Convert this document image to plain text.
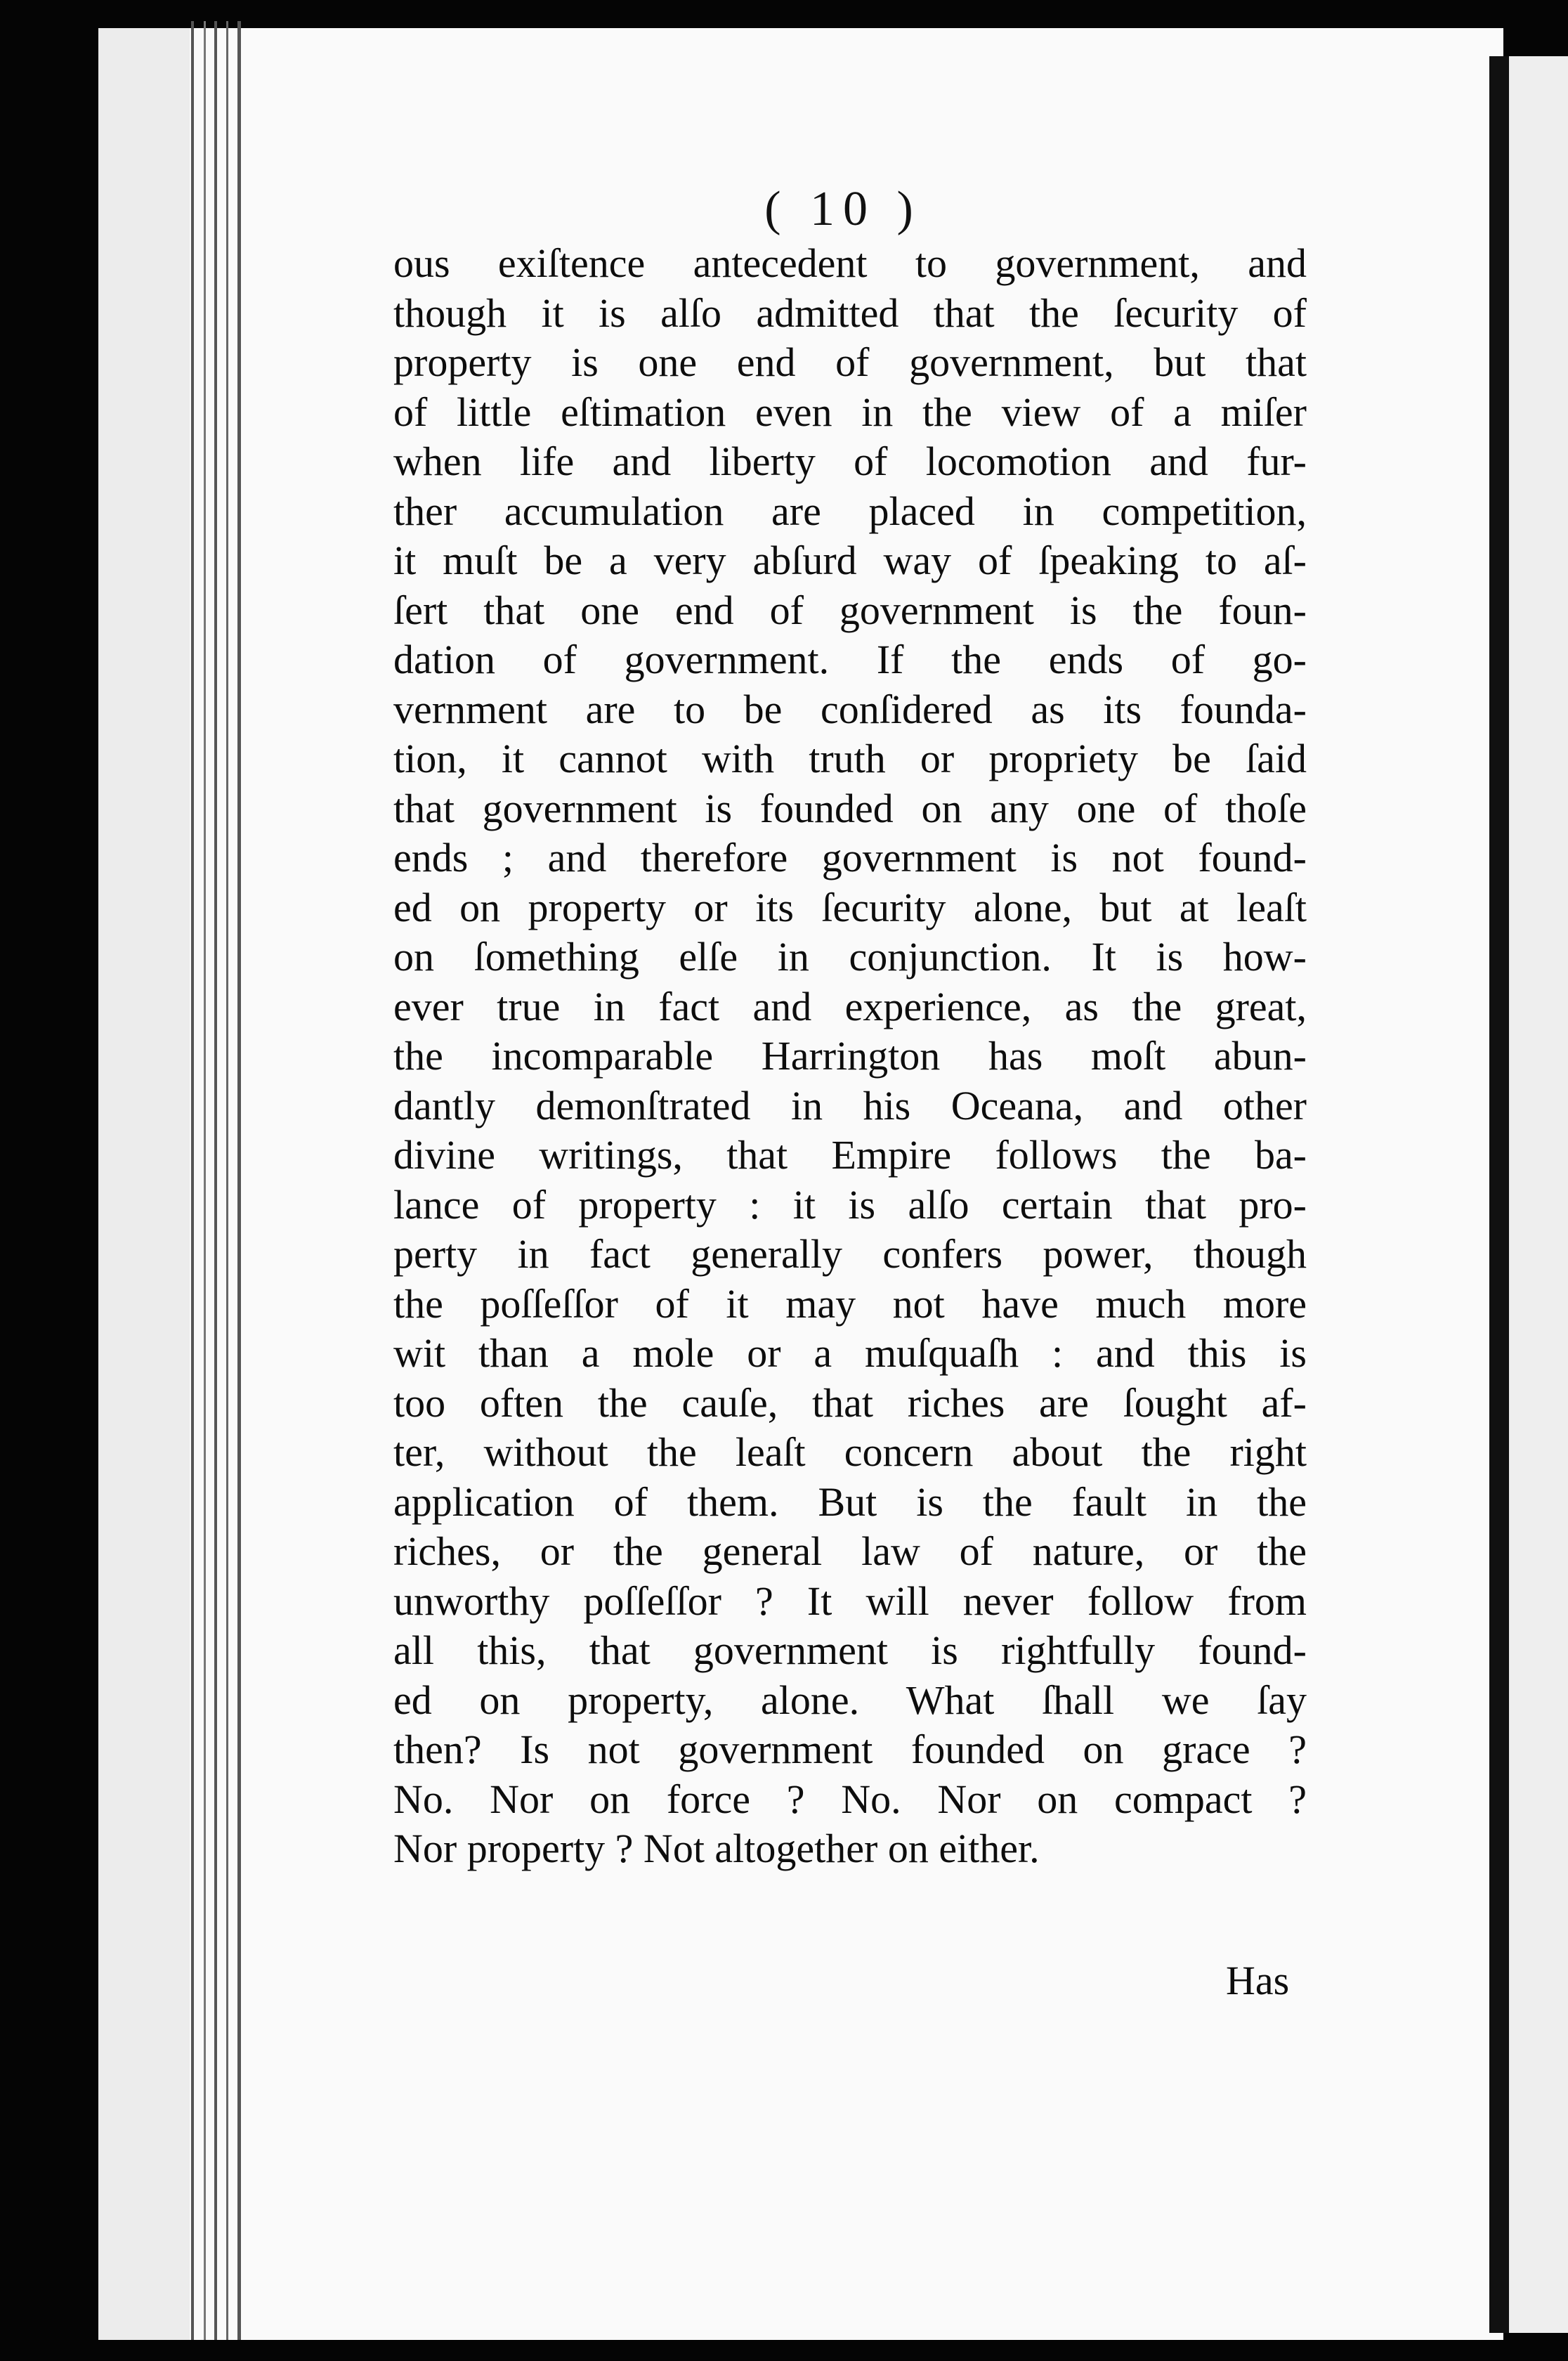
( 10 )
ous exiſtence antecedent to government, and
though it is alſo admitted that the ſecurity of
property is one end of government, but that
of little eſtimation even in the view of a miſer
when life and liberty of locomotion and fur-
ther accumulation are placed in competition,
it muſt be a very abſurd way of ſpeaking to aſ-
ſert that one end of government is the foun-
dation of government. If the ends of go-
vernment are to be conſidered as its founda-
tion, it cannot with truth or propriety be ſaid
that government is founded on any one of thoſe
ends ; and therefore government is not found-
ed on property or its ſecurity alone, but at leaſt
on ſomething elſe in conjunction. It is how-
ever true in fact and experience, as the great,
the incomparable Harrington has moſt abun-
dantly demonſtrated in his Oceana, and other
divine writings, that Empire follows the ba-
lance of property : it is alſo certain that pro-
perty in fact generally confers power, though
the poſſeſſor of it may not have much more
wit than a mole or a muſquaſh : and this is
too often the cauſe, that riches are ſought af-
ter, without the leaſt concern about the right
application of them. But is the fault in the
riches, or the general law of nature, or the
unworthy poſſeſſor ? It will never follow from
all this, that government is rightfully found-
ed on property, alone. What ſhall we ſay
then? Is not government founded on grace ?
No. Nor on force ? No. Nor on compact ?
Nor property ? Not altogether on either.
Has
